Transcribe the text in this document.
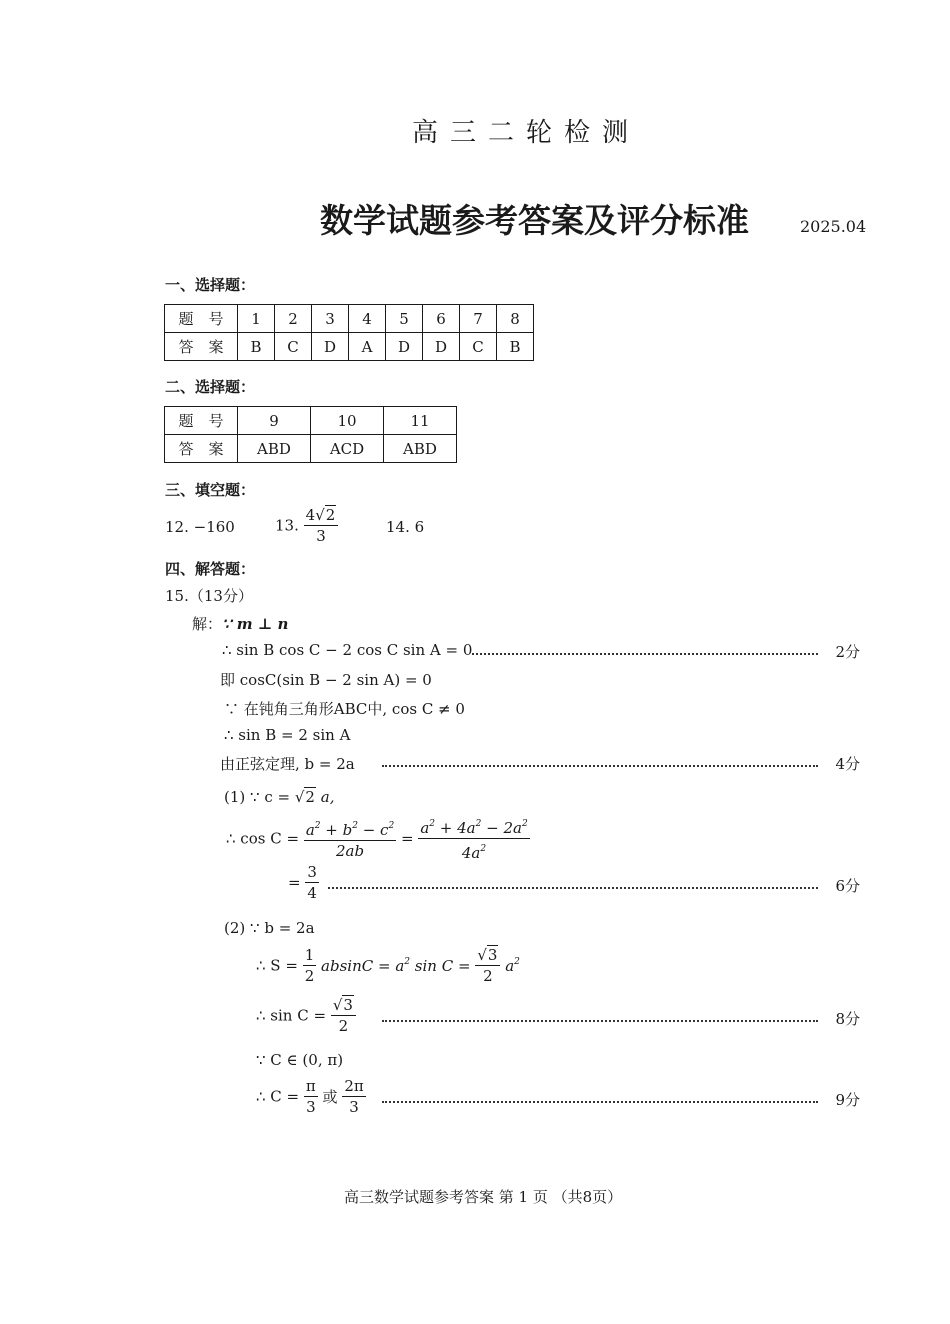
高三二轮检测
数学试题参考答案及评分标准	2025.04
一、选择题：
题　号	1	2	3	4	5	6	7	8
答　案	B	C	D	A	D	D	C	B
二、选择题：
题　号	9	10	11
答　案	ABD	ACD	ABD
三、填空题：
12. −160	13. $\frac{4√2}{3}$	14. 6
四、解答题：
15.（13分）
解：∵ m ⊥ n
∴ sin B cos C − 2 cos C sin A = 0	2分
即 cosC(sin B − 2 sin A) = 0
∵ 在钝角三角形ABC中, cos C ≠ 0
∴ sin B = 2 sin A
由正弦定理, b = 2a	4分
(1) ∵ c = √2 a,
∴ $\cos C = \frac{a^2 + b^2 - c^2}{2ab} = \frac{a^2 + 4a^2 - 2a^2}{4a^2}$
= $\frac{3}{4}$	6分
(2) ∵ b = 2a
∴ $S = \frac{1}{2}$ $absinC = a^2$ $\sin C = \frac{√3}{2} a^2$
∴ $\sin C = \frac{√3}{2}$	8分
∵ C ∈ (0, π)
∴ $C = \frac{\pi}{3}$ 或 $\frac{2\pi}{3}$	9分
高三数学试题参考答案 第 1 页 （共8页）
